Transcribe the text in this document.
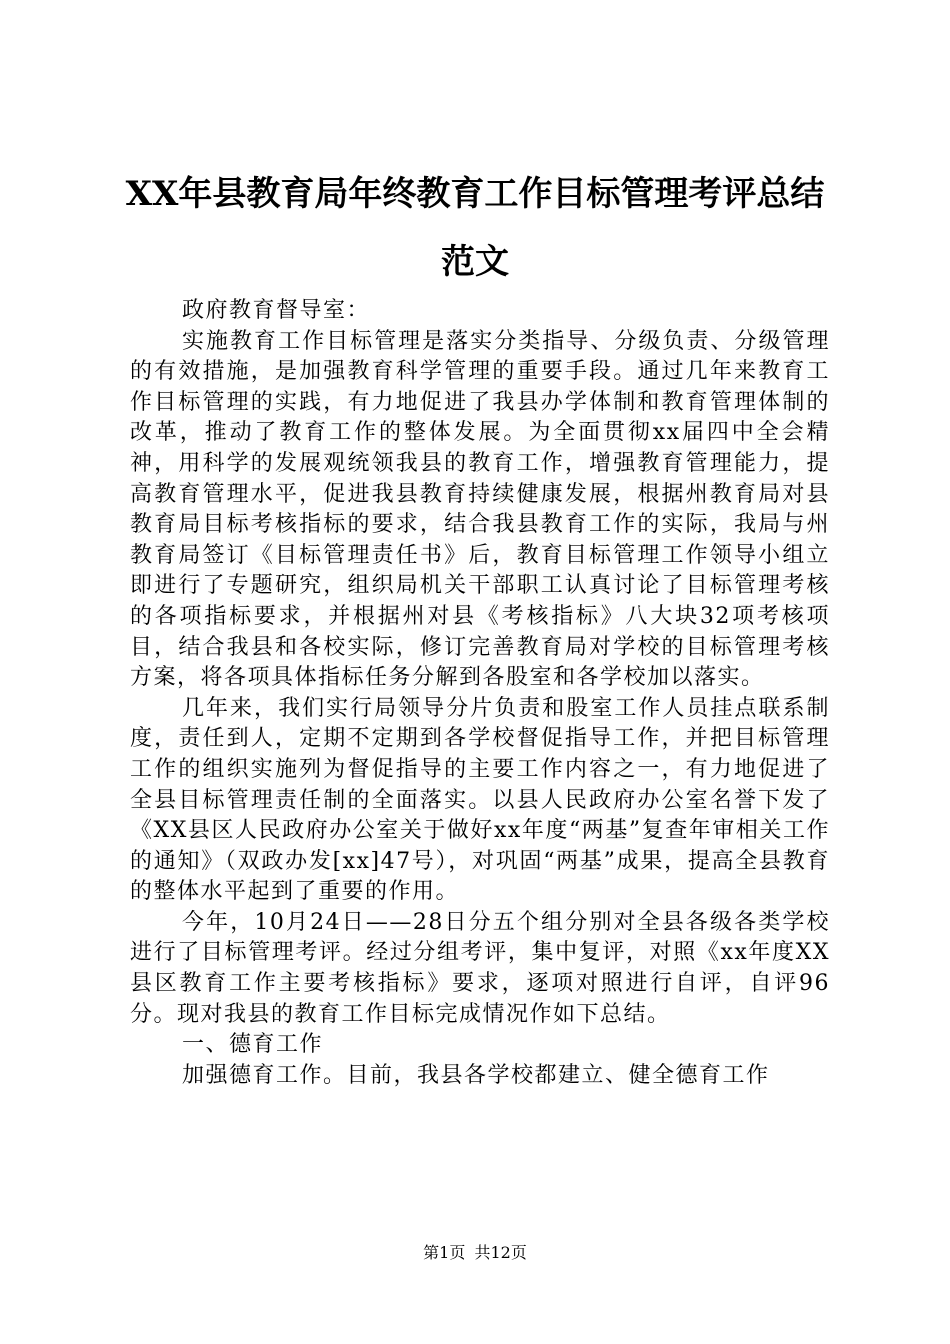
XX年县教育局年终教育工作目标管理考评总结范文

政府教育督导室：

实施教育工作目标管理是落实分类指导、分级负责、分级管理的有效措施，是加强教育科学管理的重要手段。通过几年来教育工作目标管理的实践，有力地促进了我县办学体制和教育管理体制的改革，推动了教育工作的整体发展。为全面贯彻xx届四中全会精神，用科学的发展观统领我县的教育工作，增强教育管理能力，提高教育管理水平，促进我县教育持续健康发展，根据州教育局对县教育局目标考核指标的要求，结合我县教育工作的实际，我局与州教育局签订《目标管理责任书》后，教育目标管理工作领导小组立即进行了专题研究，组织局机关干部职工认真讨论了目标管理考核的各项指标要求，并根据州对县《考核指标》八大块32项考核项目，结合我县和各校实际，修订完善教育局对学校的目标管理考核方案，将各项具体指标任务分解到各股室和各学校加以落实。

几年来，我们实行局领导分片负责和股室工作人员挂点联系制度，责任到人，定期不定期到各学校督促指导工作，并把目标管理工作的组织实施列为督促指导的主要工作内容之一，有力地促进了全县目标管理责任制的全面落实。以县人民政府办公室名誉下发了《XX县区人民政府办公室关于做好xx年度“两基”复查年审相关工作的通知》（双政办发[xx]47号），对巩固“两基”成果，提高全县教育的整体水平起到了重要的作用。

今年，10月24日——28日分五个组分别对全县各级各类学校进行了目标管理考评。经过分组考评，集中复评，对照《xx年度XX县区教育工作主要考核指标》要求，逐项对照进行自评，自评96分。现对我县的教育工作目标完成情况作如下总结。

一、德育工作

加强德育工作。目前，我县各学校都建立、健全德育工作

第1页 共12页
